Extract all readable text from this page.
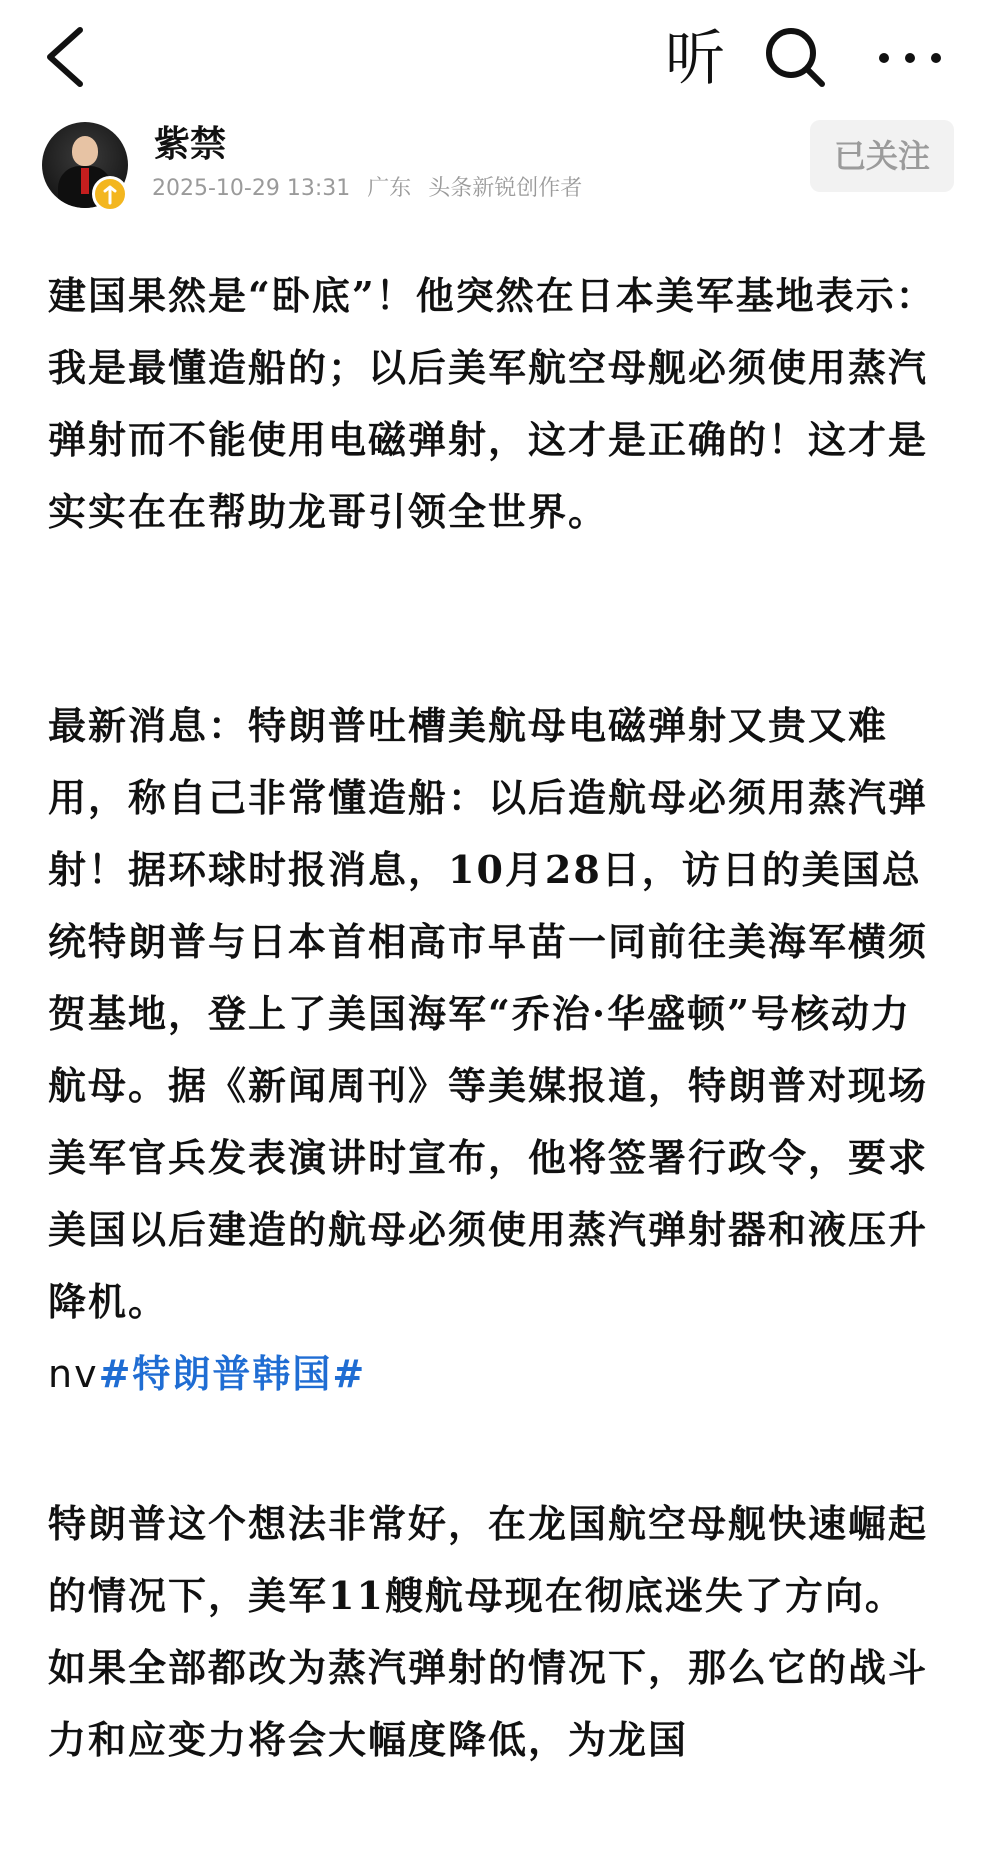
听
紫禁
2025-10-29 13:31 广东 头条新锐创作者
已关注

建国果然是“卧底”！他突然在日本美军基地表示：我是最懂造船的；以后美军航空母舰必须使用蒸汽弹射而不能使用电磁弹射，这才是正确的！这才是实实在在帮助龙哥引领全世界。

最新消息：特朗普吐槽美航母电磁弹射又贵又难用，称自己非常懂造船：以后造航母必须用蒸汽弹射！据环球时报消息，10月28日，访日的美国总统特朗普与日本首相高市早苗一同前往美海军横须贺基地，登上了美国海军“乔治·华盛顿”号核动力航母。据《新闻周刊》等美媒报道，特朗普对现场美军官兵发表演讲时宣布，他将签署行政令，要求美国以后建造的航母必须使用蒸汽弹射器和液压升降机。

nv#特朗普韩国#

特朗普这个想法非常好，在龙国航空母舰快速崛起的情况下，美军11艘航母现在彻底迷失了方向。如果全部都改为蒸汽弹射的情况下，那么它的战斗力和应变力将会大幅度降低，为龙国
